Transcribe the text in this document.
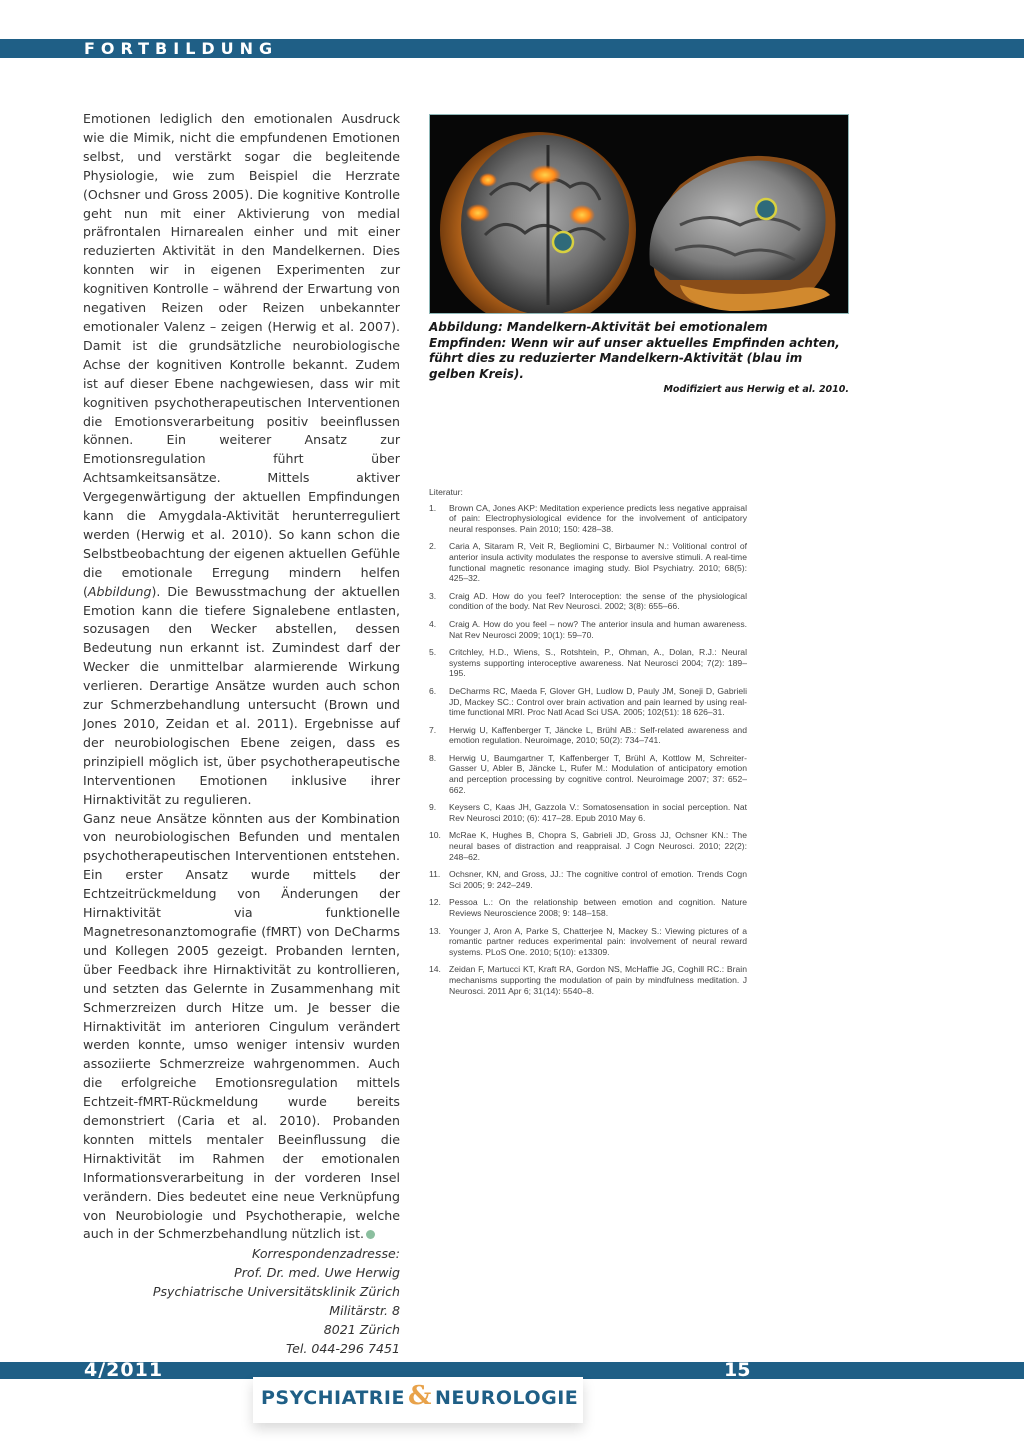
FORTBILDUNG

Emotionen lediglich den emotionalen Ausdruck wie die Mimik, nicht die empfundenen Emotionen selbst, und verstärkt sogar die begleitende Physiologie, wie zum Beispiel die Herzrate (Ochsner und Gross 2005). Die kognitive Kontrolle geht nun mit einer Aktivierung von medial präfrontalen Hirnarealen einher und mit einer reduzierten Aktivität in den Mandelkernen. Dies konnten wir in eigenen Experimenten zur kognitiven Kontrolle – während der Erwartung von negativen Reizen oder Reizen unbekannter emotionaler Valenz – zeigen (Herwig et al. 2007). Damit ist die grundsätzliche neurobiologische Achse der kognitiven Kontrolle bekannt. Zudem ist auf dieser Ebene nachgewiesen, dass wir mit kognitiven psychotherapeutischen Interventionen die Emotionsverarbeitung positiv beeinflussen können. Ein weiterer Ansatz zur Emotionsregulation führt über Achtsamkeitsansätze. Mittels aktiver Vergegenwärtigung der aktuellen Empfindungen kann die Amygdala-Aktivität herunterreguliert werden (Herwig et al. 2010). So kann schon die Selbstbeobachtung der eigenen aktuellen Gefühle die emotionale Erregung mindern helfen (Abbildung). Die Bewusstmachung der aktuellen Emotion kann die tiefere Signalebene entlasten, sozusagen den Wecker abstellen, dessen Bedeutung nun erkannt ist. Zumindest darf der Wecker die unmittelbar alarmierende Wirkung verlieren. Derartige Ansätze wurden auch schon zur Schmerzbehandlung untersucht (Brown und Jones 2010, Zeidan et al. 2011). Ergebnisse auf der neurobiologischen Ebene zeigen, dass es prinzipiell möglich ist, über psychotherapeutische Interventionen Emotionen inklusive ihrer Hirnaktivität zu regulieren.

Ganz neue Ansätze könnten aus der Kombination von neurobiologischen Befunden und mentalen psychotherapeutischen Interventionen entstehen. Ein erster Ansatz wurde mittels der Echtzeitrückmeldung von Änderungen der Hirnaktivität via funktionelle Magnetresonanztomografie (fMRT) von DeCharms und Kollegen 2005 gezeigt. Probanden lernten, über Feedback ihre Hirnaktivität zu kontrollieren, und setzten das Gelernte in Zusammenhang mit Schmerzreizen durch Hitze um. Je besser die Hirnaktivität im anterioren Cingulum verändert werden konnte, umso weniger intensiv wurden assoziierte Schmerzreize wahrgenommen. Auch die erfolgreiche Emotionsregulation mittels Echtzeit-fMRT-Rückmeldung wurde bereits demonstriert (Caria et al. 2010). Probanden konnten mittels mentaler Beeinflussung die Hirnaktivität im Rahmen der emotionalen Informationsverarbeitung in der vorderen Insel verändern. Dies bedeutet eine neue Verknüpfung von Neurobiologie und Psychotherapie, welche auch in der Schmerzbehandlung nützlich ist.

Korrespondenzadresse:
Prof. Dr. med. Uwe Herwig
Psychiatrische Universitätsklinik Zürich
Militärstr. 8
8021 Zürich
Tel. 044-296 7451
Abbildung: Mandelkern-Aktivität bei emotionalem Empfinden: Wenn wir auf unser aktuelles Empfinden achten, führt dies zu reduzierter Mandelkern-Aktivität (blau im gelben Kreis).
Modifiziert aus Herwig et al. 2010.
Literatur:
1.	Brown CA, Jones AKP: Meditation experience predicts less negative appraisal of pain: Electrophysiological evidence for the involvement of anticipatory neural responses. Pain 2010; 150: 428–38.
2.	Caria A, Sitaram R, Veit R, Begliomini C, Birbaumer N.: Volitional control of anterior insula activity modulates the response to aversive stimuli. A real-time functional magnetic resonance imaging study. Biol Psychiatry. 2010; 68(5): 425–32.
3.	Craig AD. How do you feel? Interoception: the sense of the physiological condition of the body. Nat Rev Neurosci. 2002; 3(8): 655–66.
4.	Craig A. How do you feel – now? The anterior insula and human awareness. Nat Rev Neurosci 2009; 10(1): 59–70.
5.	Critchley, H.D., Wiens, S., Rotshtein, P., Ohman, A., Dolan, R.J.: Neural systems supporting interoceptive awareness. Nat Neurosci 2004; 7(2): 189–195.
6.	DeCharms RC, Maeda F, Glover GH, Ludlow D, Pauly JM, Soneji D, Gabrieli JD, Mackey SC.: Control over brain activation and pain learned by using real-time functional MRI. Proc Natl Acad Sci USA. 2005; 102(51): 18 626–31.
7.	Herwig U, Kaffenberger T, Jäncke L, Brühl AB.: Self-related awareness and emotion regulation. Neuroimage, 2010; 50(2): 734–741.
8.	Herwig U, Baumgartner T, Kaffenberger T, Brühl A, Kottlow M, Schreiter-Gasser U, Abler B, Jäncke L, Rufer M.: Modulation of anticipatory emotion and perception processing by cognitive control. Neuroimage 2007; 37: 652–662.
9.	Keysers C, Kaas JH, Gazzola V.: Somatosensation in social perception. Nat Rev Neurosci 2010; (6): 417–28. Epub 2010 May 6.
10. McRae K, Hughes B, Chopra S, Gabrieli JD, Gross JJ, Ochsner KN.: The neural bases of distraction and reappraisal. J Cogn Neurosci. 2010; 22(2): 248–62.
11.	Ochsner, KN, and Gross, JJ.: The cognitive control of emotion. Trends Cogn Sci 2005; 9: 242–249.
12. Pessoa L.: On the relationship between emotion and cognition. Nature Reviews Neuroscience 2008; 9: 148–158.
13. Younger J, Aron A, Parke S, Chatterjee N, Mackey S.: Viewing pictures of a romantic partner reduces experimental pain: involvement of neural reward systems. PLoS One. 2010; 5(10): e13309.
14. Zeidan F, Martucci KT, Kraft RA, Gordon NS, McHaffie JG, Coghill RC.: Brain mechanisms supporting the modulation of pain by mindfulness meditation. J Neurosci. 2011 Apr 6; 31(14): 5540–8.
4/2011	15
PSYCHIATRIE & NEUROLOGIE
